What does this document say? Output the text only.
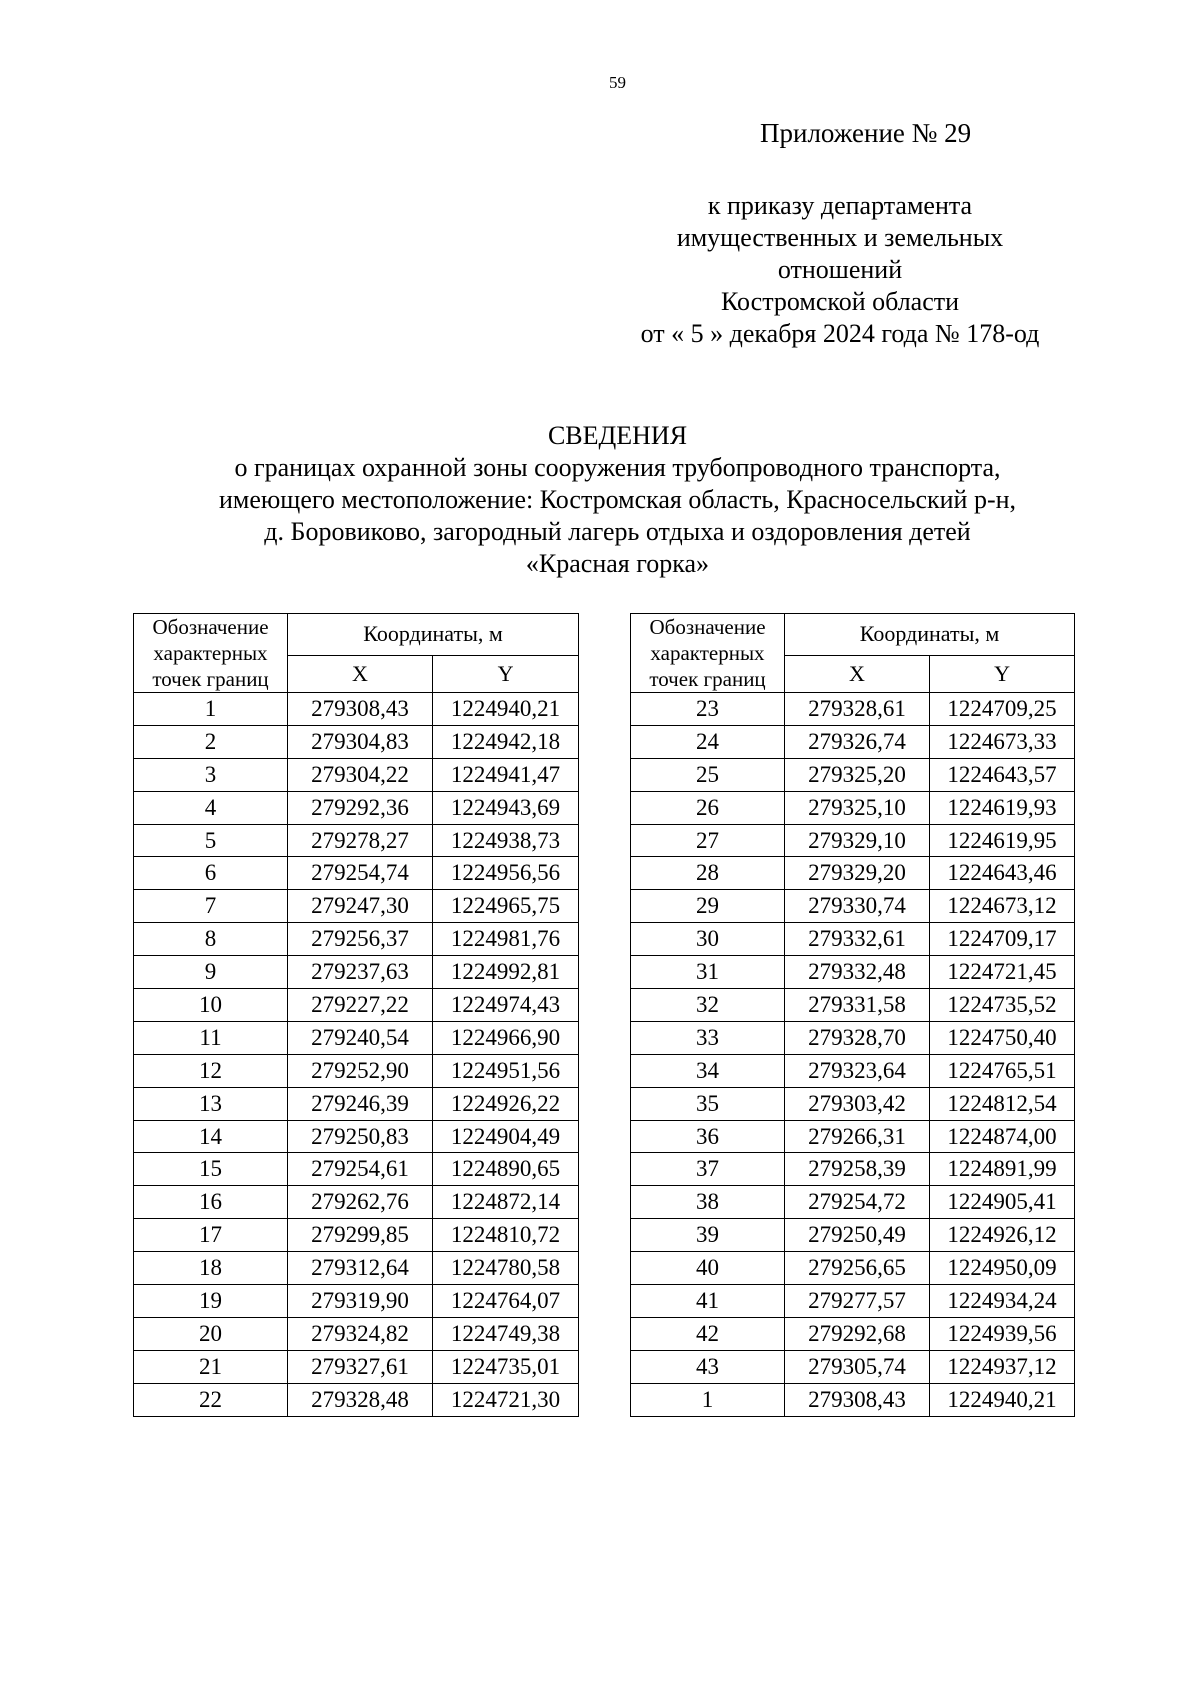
59
Приложение № 29
к приказу департамента
имущественных и земельных
отношений
Костромской области
от « 5 » декабря 2024 года № 178-од
СВЕДЕНИЯ
о границах охранной зоны сооружения трубопроводного транспорта,
имеющего местоположение: Костромская область, Красносельский р-н,
д. Боровиково, загородный лагерь отдыха и оздоровления детей
«Красная горка»
Обозначение
характерных
точек границ	Координаты, м	
	X	Y
1	279308,43	1224940,21
2	279304,83	1224942,18
3	279304,22	1224941,47
4	279292,36	1224943,69
5	279278,27	1224938,73
6	279254,74	1224956,56
7	279247,30	1224965,75
8	279256,37	1224981,76
9	279237,63	1224992,81
10	279227,22	1224974,43
11	279240,54	1224966,90
12	279252,90	1224951,56
13	279246,39	1224926,22
14	279250,83	1224904,49
15	279254,61	1224890,65
16	279262,76	1224872,14
17	279299,85	1224810,72
18	279312,64	1224780,58
19	279319,90	1224764,07
20	279324,82	1224749,38
21	279327,61	1224735,01
22	279328,48	1224721,30
Обозначение
характерных
точек границ	Координаты, м	
	X	Y
23	279328,61	1224709,25
24	279326,74	1224673,33
25	279325,20	1224643,57
26	279325,10	1224619,93
27	279329,10	1224619,95
28	279329,20	1224643,46
29	279330,74	1224673,12
30	279332,61	1224709,17
31	279332,48	1224721,45
32	279331,58	1224735,52
33	279328,70	1224750,40
34	279323,64	1224765,51
35	279303,42	1224812,54
36	279266,31	1224874,00
37	279258,39	1224891,99
38	279254,72	1224905,41
39	279250,49	1224926,12
40	279256,65	1224950,09
41	279277,57	1224934,24
42	279292,68	1224939,56
43	279305,74	1224937,12
1	279308,43	1224940,21
